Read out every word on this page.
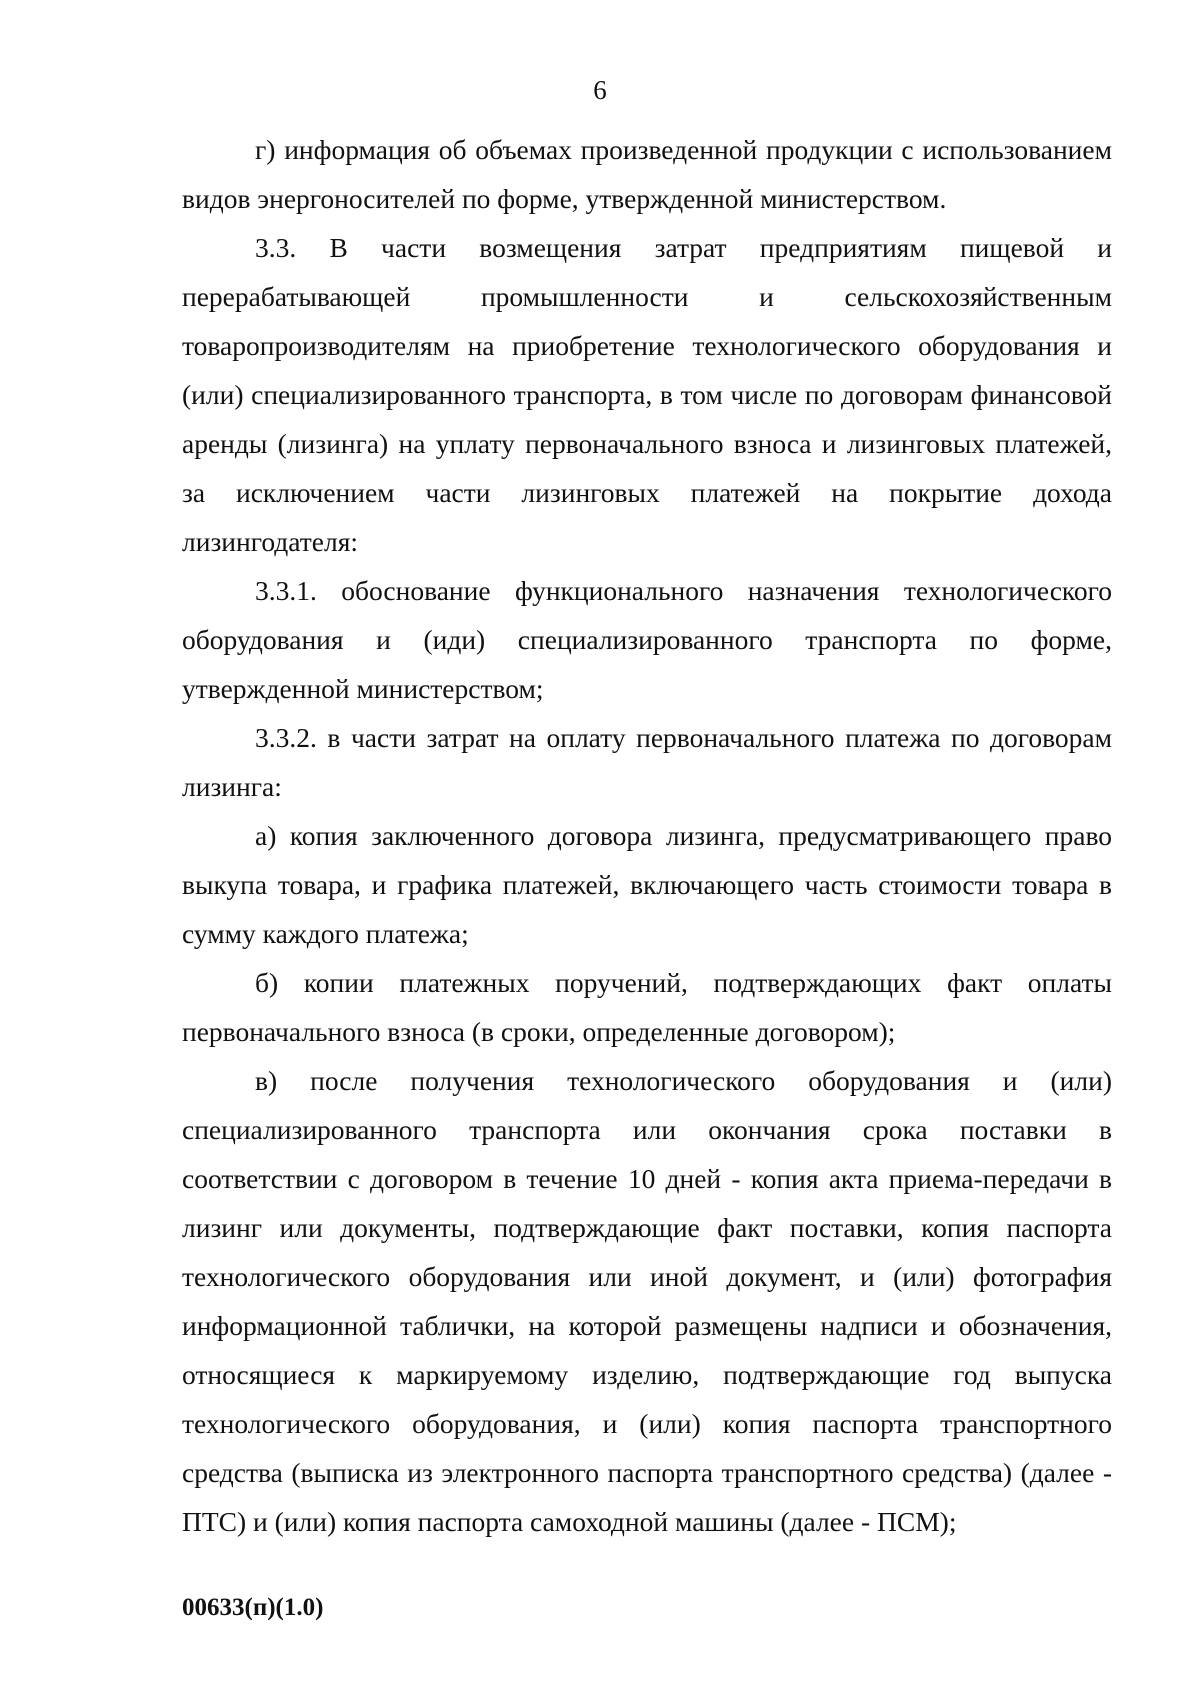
6

г) информация об объемах произведенной продукции с использованием видов энергоносителей по форме, утвержденной министерством.

3.3. В части возмещения затрат предприятиям пищевой и перерабатывающей промышленности и сельскохозяйственным товаропроизводителям на приобретение технологического оборудования и (или) специализированного транспорта, в том числе по договорам финансовой аренды (лизинга) на уплату первоначального взноса и лизинговых платежей, за исключением части лизинговых платежей на покрытие дохода лизингодателя:

3.3.1. обоснование функционального назначения технологического оборудования и (иди) специализированного транспорта по форме, утвержденной министерством;

3.3.2. в части затрат на оплату первоначального платежа по договорам лизинга:

а) копия заключенного договора лизинга, предусматривающего право выкупа товара, и графика платежей, включающего часть стоимости товара в сумму каждого платежа;

б) копии платежных поручений, подтверждающих факт оплаты первоначального взноса (в сроки, определенные договором);

в) после получения технологического оборудования и (или) специализированного транспорта или окончания срока поставки в соответствии с договором в течение 10 дней - копия акта приема-передачи в лизинг или документы, подтверждающие факт поставки, копия паспорта технологического оборудования или иной документ, и (или) фотография информационной таблички, на которой размещены надписи и обозначения, относящиеся к маркируемому изделию, подтверждающие год выпуска технологического оборудования, и (или) копия паспорта транспортного средства (выписка из электронного паспорта транспортного средства) (далее - ПТС) и (или) копия паспорта самоходной машины (далее - ПСМ);

00633(п)(1.0)
